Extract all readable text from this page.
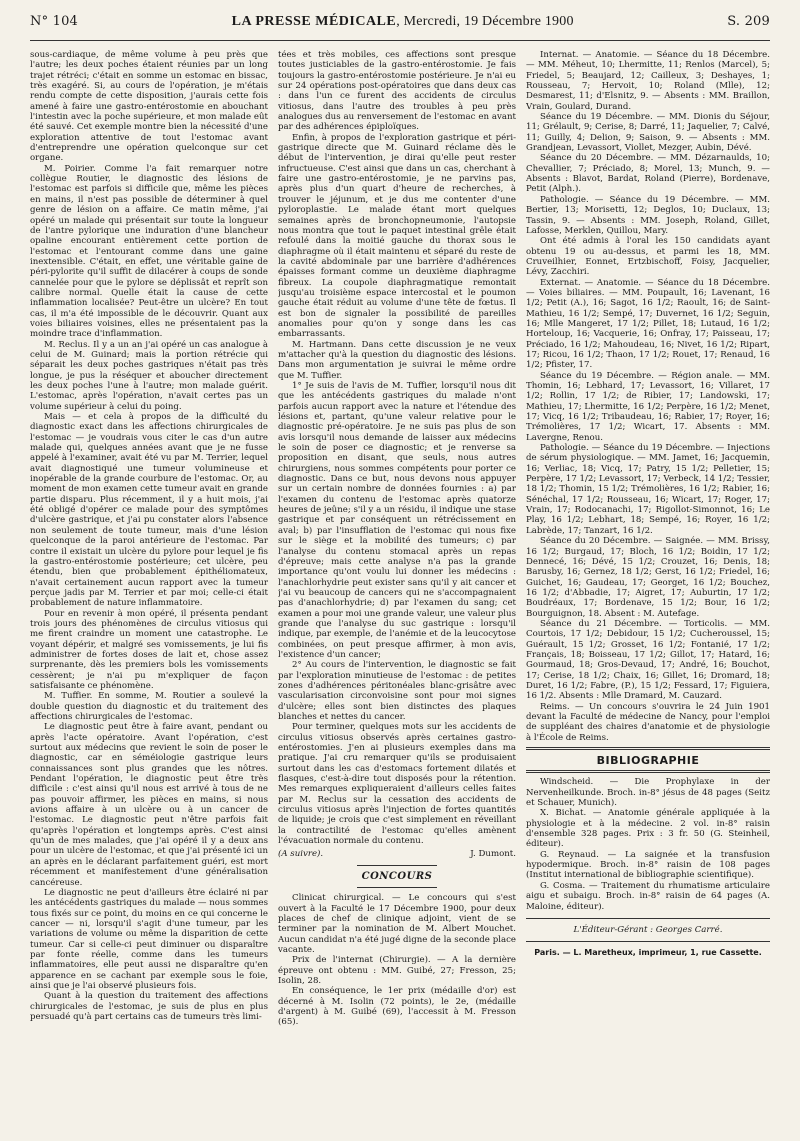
N° 104	LA PRESSE MÉDICALE, Mercredi, 19 Décembre 1900	S. 209

sous-cardiaque, de même volume à peu près que l'autre; les deux poches étaient réunies par un long trajet rétréci; c'était en somme un estomac en bissac, très exagéré. Si, au cours de l'opération, je m'étais rendu compte de cette disposition, j'aurais cette fois amené à faire une gastro-entérostomie en abouchant l'intestin avec la poche supérieure, et mon malade eût été sauvé. Cet exemple montre bien la nécessité d'une exploration attentive de tout l'estomac avant d'entreprendre une opération quelconque sur cet organe.

M. Poirier. Comme l'a fait remarquer notre collègue Routier, le diagnostic des lésions de l'estomac est parfois si difficile que, même les pièces en mains, il n'est pas possible de déterminer à quel genre de lésion on a affaire. Ce matin même, j'ai opéré un malade qui présentait sur toute la longueur de l'antre pylorique une induration d'une blancheur opaline encourant entièrement cette portion de l'estomac et l'entourant comme dans une gaine inextensible. C'était, en effet, une véritable gaine de péri-pylorite qu'il suffit de dilacérer à coups de sonde cannelée pour que le pylore se déplissât et reprît son calibre normal. Quelle était la cause de cette inflammation localisée? Peut-être un ulcère? En tout cas, il m'a été impossible de le découvrir. Quant aux voies biliaires voisines, elles ne présentaient pas la moindre trace d'inflammation.

M. Reclus. Il y a un an j'ai opéré un cas analogue à celui de M. Guinard; mais la portion rétrécie qui séparait les deux poches gastriques n'était pas très longue, je pus la réséquer et aboucher directement les deux poches l'une à l'autre; mon malade guérit. L'estomac, après l'opération, n'avait certes pas un volume supérieur à celui du poing.

Mais — et cela à propos de la difficulté du diagnostic exact dans les affections chirurgicales de l'estomac — je voudrais vous citer le cas d'un autre malade qui, quelques années avant que je ne fusse appelé à l'examiner, avait été vu par M. Terrier, lequel avait diagnostiqué une tumeur volumineuse et inopérable de la grande courbure de l'estomac. Or, au moment de mon examen cette tumeur avait en grande partie disparu. Plus récemment, il y a huit mois, j'ai été obligé d'opérer ce malade pour des symptômes d'ulcère gastrique, et j'ai pu constater alors l'absence non seulement de toute tumeur, mais d'une lésion quelconque de la paroi antérieure de l'estomac. Par contre il existait un ulcère du pylore pour lequel je fis la gastro-entérostomie postérieure; cet ulcère, peu étendu, bien que probablement épithéliomateux, n'avait certainement aucun rapport avec la tumeur perçue jadis par M. Terrier et par moi; celle-ci était probablement de nature inflammatoire.

Pour en revenir à mon opéré, il présenta pendant trois jours des phénomènes de circulus vitiosus qui me firent craindre un moment une catastrophe. Le voyant dépérir, et malgré ses vomissements, je lui fis administrer de fortes doses de lait et, chose assez surprenante, dès les premiers bols les vomissements cessèrent; je n'ai pu m'expliquer de façon satisfaisante ce phénomène.

M. Tuffier. En somme, M. Routier a soulevé la double question du diagnostic et du traitement des affections chirurgicales de l'estomac.

Le diagnostic peut être à faire avant, pendant ou après l'acte opératoire. Avant l'opération, c'est surtout aux médecins que revient le soin de poser le diagnostic, car en séméiologie gastrique leurs connaissances sont plus grandes que les nôtres. Pendant l'opération, le diagnostic peut être très difficile : c'est ainsi qu'il nous est arrivé à tous de ne pas pouvoir affirmer, les pièces en mains, si nous avions affaire à un ulcère ou à un cancer de l'estomac. Le diagnostic peut n'être parfois fait qu'après l'opération et longtemps après. C'est ainsi qu'un de mes malades, que j'ai opéré il y a deux ans pour un ulcère de l'estomac, et que j'ai présenté ici un an après en le déclarant parfaitement guéri, est mort récemment et manifestement d'une généralisation cancéreuse.

Le diagnostic ne peut d'ailleurs être éclairé ni par les antécédents gastriques du malade — nous sommes tous fixés sur ce point, du moins en ce qui concerne le cancer — ni, lorsqu'il s'agit d'une tumeur, par les variations de volume ou même la disparition de cette tumeur. Car si celle-ci peut diminuer ou disparaître par fonte réelle, comme dans les tumeurs inflammatoires, elle peut aussi ne disparaître qu'en apparence en se cachant par exemple sous le foie, ainsi que je l'ai observé plusieurs fois.

Quant à la question du traitement des affections chirurgicales de l'estomac, je suis de plus en plus persuadé qu'à part certains cas de tumeurs très limi-

tées et très mobiles, ces affections sont presque toutes justiciables de la gastro-entérostomie. Je fais toujours la gastro-entérostomie postérieure. Je n'ai eu sur 24 opérations post-opératoires que dans deux cas : dans l'un ce furent des accidents de circulus vitiosus, dans l'autre des troubles à peu près analogues dus au renversement de l'estomac en avant par des adhérences épiploïques.

Enfin, à propos de l'exploration gastrique et péri-gastrique directe que M. Guinard réclame dès le début de l'intervention, je dirai qu'elle peut rester infructueuse. C'est ainsi que dans un cas, cherchant à faire une gastro-entérostomie, je ne parvins pas, après plus d'un quart d'heure de recherches, à trouver le jéjunum, et je dus me contenter d'une pyloroplastie. Le malade étant mort quelques semaines après de bronchopneumonie, l'autopsie nous montra que tout le paquet intestinal grêle était refoulé dans la moitié gauche du thorax sous le diaphragme où il était maintenu et séparé du reste de la cavité abdominale par une barrière d'adhérences épaisses formant comme un deuxième diaphragme fibreux. La coupole diaphragmatique remontait jusqu'au troisième espace intercostal et le poumon gauche était réduit au volume d'une tête de fœtus. Il est bon de signaler la possibilité de pareilles anomalies pour qu'on y songe dans les cas embarrassants.

M. Hartmann. Dans cette discussion je ne veux m'attacher qu'à la question du diagnostic des lésions. Dans mon argumentation je suivrai le même ordre que M. Tuffier.

1° Je suis de l'avis de M. Tuffier, lorsqu'il nous dit que les antécédents gastriques du malade n'ont parfois aucun rapport avec la nature et l'étendue des lésions et, partant, qu'une valeur relative pour le diagnostic pré-opératoire. Je ne suis pas plus de son avis lorsqu'il nous demande de laisser aux médecins le soin de poser ce diagnostic; et je renverse sa proposition en disant, que seuls, nous autres chirurgiens, nous sommes compétents pour porter ce diagnostic. Dans ce but, nous devons nous appuyer sur un certain nombre de données fournies : a) par l'examen du contenu de l'estomac après quatorze heures de jeûne; s'il y a un résidu, il indique une stase gastrique et par conséquent un rétrécissement en aval; b) par l'insufflation de l'estomac qui nous fixe sur le siège et la mobilité des tumeurs; c) par l'analyse du contenu stomacal après un repas d'épreuve; mais cette analyse n'a pas la grande importance qu'ont voulu lui donner les médecins : l'anachlorhydrie peut exister sans qu'il y ait cancer et j'ai vu beaucoup de cancers qui ne s'accompagnaient pas d'anachlorhydrie; d) par l'examen du sang; cet examen a pour moi une grande valeur, une valeur plus grande que l'analyse du suc gastrique : lorsqu'il indique, par exemple, de l'anémie et de la leucocytose combinées, on peut presque affirmer, à mon avis, l'existence d'un cancer;

2° Au cours de l'intervention, le diagnostic se fait par l'exploration minutieuse de l'estomac : de petites zones d'adhérences péritonéales blanc-grisâtre avec vascularisation circonvoisine sont pour moi signes d'ulcère; elles sont bien distinctes des plaques blanches et nettes du cancer.

Pour terminer, quelques mots sur les accidents de circulus vitiosus observés après certaines gastro-entérostomies. J'en ai plusieurs exemples dans ma pratique. J'ai cru remarquer qu'ils se produisaient surtout dans les cas d'estomacs fortement dilatés et flasques, c'est-à-dire tout disposés pour la rétention. Mes remarques expliqueraient d'ailleurs celles faites par M. Reclus sur la cessation des accidents de circulus vitiosus après l'injection de fortes quantités de liquide; je crois que c'est simplement en réveillant la contractilité de l'estomac qu'elles amènent l'évacuation normale du contenu.

(A suivre).	J. Dumont.
CONCOURS

Clinicat chirurgical. — Le concours qui s'est ouvert à la Faculté le 17 Décembre 1900, pour deux places de chef de clinique adjoint, vient de se terminer par la nomination de M. Albert Mouchet. Aucun candidat n'a été jugé digne de la seconde place vacante.

Prix de l'internat (Chirurgie). — A la dernière épreuve ont obtenu : MM. Guibé, 27; Fresson, 25; Isolin, 28.

En conséquence, le 1er prix (médaille d'or) est décerné à M. Isolin (72 points), le 2e, (médaille d'argent) à M. Guibé (69), l'accessit à M. Fresson (65).

Internat. — Anatomie. — Séance du 18 Décembre. — MM. Méheut, 10; Lhermitte, 11; Renlos (Marcel), 5; Friedel, 5; Beaujard, 12; Cailleux, 3; Deshayes, 1; Rousseau, 7; Hervoit, 10; Roland (Mlle), 12; Desmarest, 11; d'Elsnitz, 9. — Absents : MM. Braillon, Vrain, Goulard, Durand.

Séance du 19 Décembre. — MM. Dionis du Séjour, 11; Grélault, 9; Cerise, 8; Darré, 11; Jaquelier, 7; Calvé, 11; Guilly, 4; Delion, 9; Saison, 9. — Absents : MM. Grandjean, Levassort, Viollet, Mezger, Aubin, Dévé.

Séance du 20 Décembre. — MM. Dézarnaulds, 10; Chevallier, 7; Préciado, 8; Morel, 13; Munch, 9. — Absents : Blavot, Bardat, Roland (Pierre), Bordenave, Petit (Alph.).

Pathologie. — Séance du 19 Décembre. — MM. Bertier, 13; Morisetti, 12; Deglos, 10; Duclaux, 13; Tassin, 9. — Absents : MM. Joseph, Roland, Gillet, Lafosse, Merklen, Quillou, Mary.

Ont été admis à l'oral les 150 candidats ayant obtenu 19 ou au-dessus, et parmi les 18, MM. Cruveilhier, Eonnet, Ertzbischoff, Foisy, Jacquelier, Lévy, Zacchiri.

Externat. — Anatomie. — Séance du 18 Décembre. — Voies biliaires. — MM. Poupault, 16; Lavenant, 16 1/2; Petit (A.), 16; Sagot, 16 1/2; Raoult, 16; de Saint-Mathieu, 16 1/2; Sempé, 17; Duvernet, 16 1/2; Seguin, 16; Mlle Mangeret, 17 1/2; Pillet, 18; Lutaud, 16 1/2; Horteloup, 16; Vacquerie, 16; Onfray, 17; Paisseau, 17; Préciado, 16 1/2; Mahoudeau, 16; Nivet, 16 1/2; Ripart, 17; Ricou, 16 1/2; Thaon, 17 1/2; Rouet, 17; Renaud, 16 1/2; Pfister, 17.

Séance du 19 Décembre. — Région anale. — MM. Thomin, 16; Lebhard, 17; Levassort, 16; Villaret, 17 1/2; Rollin, 17 1/2; de Ribier, 17; Landowski, 17; Mathieu, 17; Lhermitte, 16 1/2; Perpère, 16 1/2; Menet, 17; Vicq, 16 1/2; Tribaudeau, 16; Rabier, 17; Royer, 16; Trémolières, 17 1/2; Wicart, 17. Absents : MM. Lavergne, Renou.

Pathologie. — Séance du 19 Décembre. — Injections de sérum physiologique. — MM. Jamet, 16; Jacquemin, 16; Verliac, 18; Vicq, 17; Patry, 15 1/2; Pelletier, 15; Perpère, 17 1/2; Levassort, 17; Verbeck, 14 1/2; Tessier, 18 1/2; Thomin, 15 1/2; Trémolières, 16 1/2; Rabier, 16; Sénéchal, 17 1/2; Rousseau, 16; Wicart, 17; Roger, 17; Vrain, 17; Rodocanachi, 17; Rigollot-Simonnot, 16; Le Play, 16 1/2; Lebhart, 18; Sempé, 16; Royer, 16 1/2; Labrède, 17; Tanzart, 16 1/2.

Séance du 20 Décembre. — Saignée. — MM. Brissy, 16 1/2; Burgaud, 17; Bloch, 16 1/2; Boidin, 17 1/2; Dennecé, 16; Dévé, 15 1/2; Crouzet, 16; Denis, 18; Barusby, 16; Gernez, 18 1/2; Gerst, 16 1/2; Friedel, 16; Guichet, 16; Gaudeau, 17; Georget, 16 1/2; Bouchez, 16 1/2; d'Abbadie, 17; Aigret, 17; Auburtin, 17 1/2; Boudréaux, 17; Bordenave, 15 1/2; Bour, 16 1/2; Bourguignon, 18. Absent : M. Autefage.

Séance du 21 Décembre. — Torticolis. — MM. Courtois, 17 1/2; Debidour, 15 1/2; Cucheroussel, 15; Guérault, 15 1/2; Grosset, 16 1/2; Fontanié, 17 1/2; Français, 18; Boisseau, 17 1/2; Gillot, 17; Hatard, 16; Gourmaud, 18; Gros-Devaud, 17; André, 16; Bouchot, 17; Cerise, 18 1/2; Chaix, 16; Gillet, 16; Dromard, 18; Duret, 16 1/2; Fabre, (P.), 15 1/2; Fessard, 17; Figuiera, 16 1/2. Absents : Mlle Dramard, M. Cauzard.

Reims. — Un concours s'ouvrira le 24 Juin 1901 devant la Faculté de médecine de Nancy, pour l'emploi de suppléant des chaires d'anatomie et de physiologie à l'École de Reims.

BIBLIOGRAPHIE

Windscheid. — Die Prophylaxe in der Nervenheilkunde. Broch. in-8° jésus de 48 pages (Seitz et Schauer, Munich).

X. Bichat. — Anatomie générale appliquée à la physiologie et à la médecine. 2 vol. in-8° raisin d'ensemble 328 pages. Prix : 3 fr. 50 (G. Steinheil, éditeur).

G. Reynaud. — La saignée et la transfusion hypodermique. Broch. in-8° raisin de 108 pages (Institut international de bibliographie scientifique).

G. Cosma. — Traitement du rhumatisme articulaire aigu et subaigu. Broch. in-8° raisin de 64 pages (A. Maloine, éditeur).

L'Éditeur-Gérant : Georges Carré.
Paris. — L. Maretheux, imprimeur, 1, rue Cassette.
